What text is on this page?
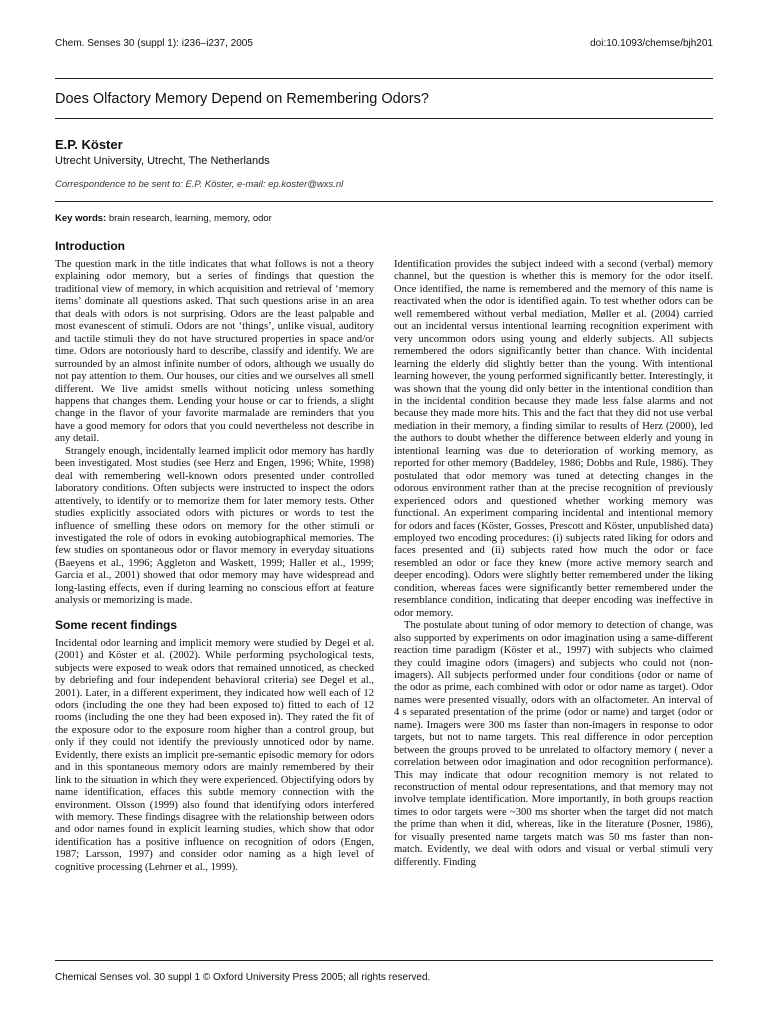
Chem. Senses 30 (suppl 1): i236–i237, 2005	doi:10.1093/chemse/bjh201
Does Olfactory Memory Depend on Remembering Odors?

E.P. Köster

Utrecht University, Utrecht, The Netherlands

Correspondence to be sent to: E.P. Köster, e-mail: ep.koster@wxs.nl

Key words: brain research, learning, memory, odor

Introduction

The question mark in the title indicates that what follows is not a theory explaining odor memory, but a series of findings that question the traditional view of memory, in which acquisition and retrieval of ‘memory items’ dominate all questions asked. That such questions arise in an area that deals with odors is not surprising. Odors are the least palpable and most evanescent of stimuli. Odors are not ‘things’, unlike visual, auditory and tactile stimuli they do not have structured properties in space and/or time. Odors are notoriously hard to describe, classify and identify. We are surrounded by an almost infinite number of odors, although we usually do not pay attention to them. Our houses, our cities and we ourselves all smell different. We live amidst smells without noticing unless something happens that changes them. Lending your house or car to friends, a slight change in the flavor of your favorite marmalade are reminders that you have a good memory for odors that you could nevertheless not describe in any detail.

Strangely enough, incidentally learned implicit odor memory has hardly been investigated. Most studies (see Herz and Engen, 1996; White, 1998) deal with remembering well-known odors presented under controlled laboratory conditions. Often subjects were instructed to inspect the odors attentively, to identify or to memorize them for later memory tests. Other studies explicitly associated odors with pictures or words to test the influence of smelling these odors on memory for the other stimuli or investigated the role of odors in evoking autobiographical memories. The few studies on spontaneous odor or flavor memory in everyday situations (Baeyens et al., 1996; Aggleton and Waskett, 1999; Haller et al., 1999; Garcia et al., 2001) showed that odor memory may have widespread and long-lasting effects, even if during learning no conscious effort at feature analysis or memorizing is made.

Some recent findings

Incidental odor learning and implicit memory were studied by Degel et al. (2001) and Köster et al. (2002). While performing psychological tests, subjects were exposed to weak odors that remained unnoticed, as checked by debriefing and four independent behavioral criteria) see Degel et al., 2001). Later, in a different experiment, they indicated how well each of 12 odors (including the one they had been exposed to) fitted to each of 12 rooms (including the one they had been exposed in). They rated the fit of the exposure odor to the exposure room higher than a control group, but only if they could not identify the previously unnoticed odor by name. Evidently, there exists an implicit pre-semantic episodic memory for odors and in this spontaneous memory odors are mainly remembered by their link to the situation in which they were experienced. Objectifying odors by name identification, effaces this subtle memory connection with the environment. Olsson (1999) also found that identifying odors interfered with memory. These findings disagree with the relationship between odors and odor names found in explicit learning studies, which show that odor identification has a positive influence on recognition of odors (Engen, 1987; Larsson, 1997) and consider odor naming as a high level of cognitive processing (Lehrner et al., 1999).

Identification provides the subject indeed with a second (verbal) memory channel, but the question is whether this is memory for the odor itself. Once identified, the name is remembered and the memory of this name is reactivated when the odor is identified again. To test whether odors can be well remembered without verbal mediation, Møller et al. (2004) carried out an incidental versus intentional learning recognition experiment with very uncommon odors using young and elderly subjects. All subjects remembered the odors significantly better than chance. With incidental learning the elderly did slightly better than the young. With intentional learning however, the young performed significantly better. Interestingly, it was shown that the young did only better in the intentional condition than in the incidental condition because they made less false alarms and not because they made more hits. This and the fact that they did not use verbal mediation in their memory, a finding similar to results of Herz (2000), led the authors to doubt whether the difference between elderly and young in intentional learning was due to deterioration of working memory, as reported for other memory (Baddeley, 1986; Dobbs and Rule, 1986). They postulated that odor memory was tuned at detecting changes in the odorous environment rather than at the precise recognition of previously experienced odors and questioned whether working memory was functional. An experiment comparing incidental and intentional memory for odors and faces (Köster, Gosses, Prescott and Köster, unpublished data) employed two encoding procedures: (i) subjects rated liking for odors and faces presented and (ii) subjects rated how much the odor or face resembled an odor or face they knew (more active memory search and deeper encoding). Odors were slightly better remembered under the liking condition, whereas faces were significantly better remembered under the resemblance condition, indicating that deeper encoding was ineffective in odor memory.

The postulate about tuning of odor memory to detection of change, was also supported by experiments on odor imagination using a same-different reaction time paradigm (Köster et al., 1997) with subjects who claimed they could imagine odors (imagers) and subjects who could not (non-imagers). All subjects performed under four conditions (odor or name of the odor as prime, each combined with odor or odor name as target). Odor names were presented visually, odors with an olfactometer. An interval of 4 s separated presentation of the prime (odor or name) and target (odor or name). Imagers were 300 ms faster than non-imagers in response to odor targets, but not to name targets. This real difference in odor perception between the groups proved to be unrelated to olfactory memory ( never a correlation between odor imagination and odor recognition performance). This may indicate that odour recognition memory is not related to reconstruction of mental odour representations, and that memory may not involve template identification. More importantly, in both groups reaction times to odor targets were ~300 ms shorter when the target did not match the prime than when it did, whereas, like in the literature (Posner, 1986), for visually presented name targets match was 50 ms faster than non-match. Evidently, we deal with odors and visual or verbal stimuli very differently. Finding

Chemical Senses vol. 30 suppl 1 © Oxford University Press 2005; all rights reserved.
